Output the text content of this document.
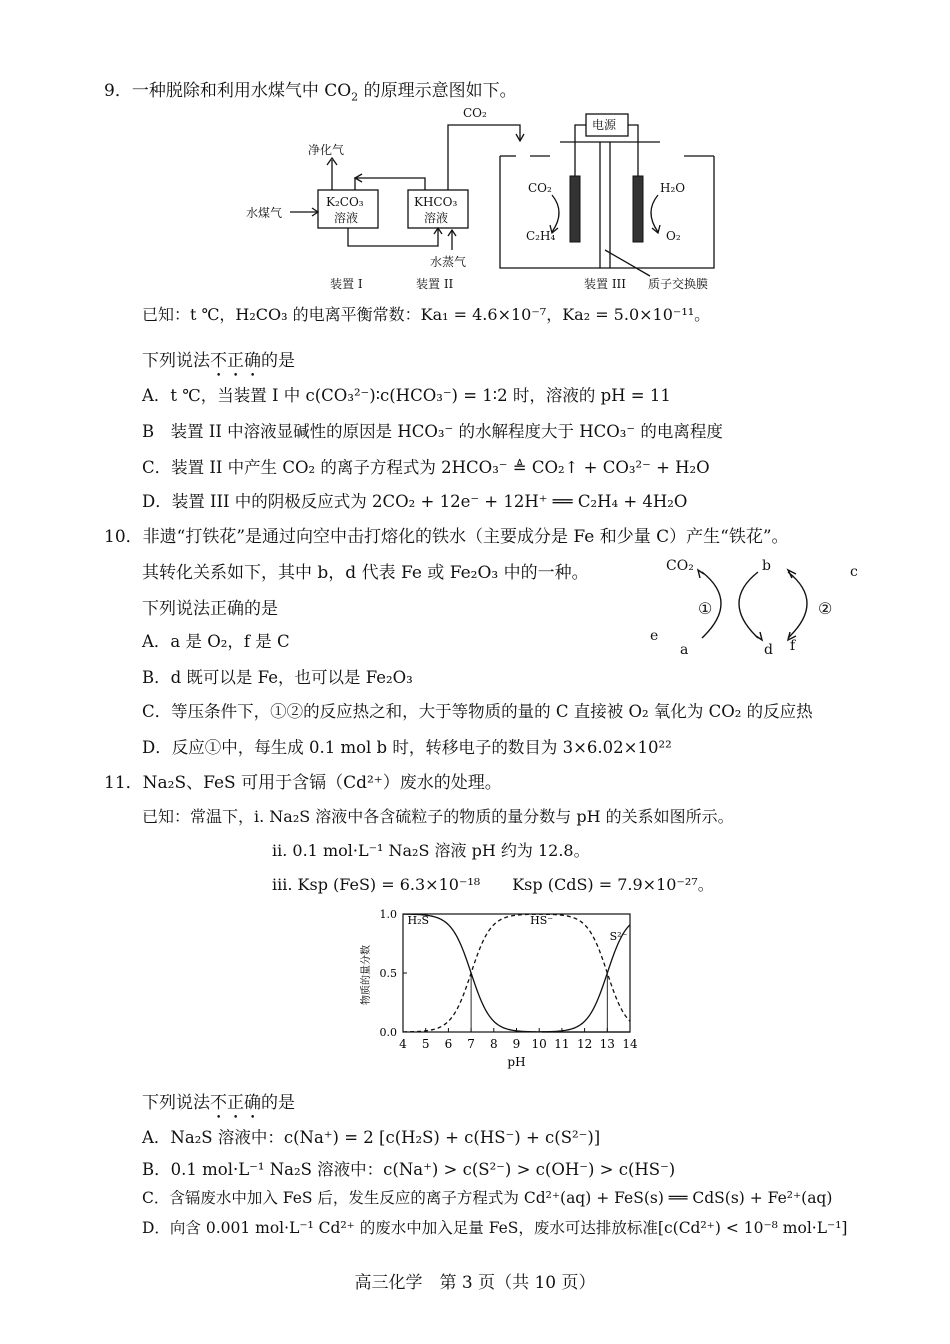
9．一种脱除和利用水煤气中 $CO_2$ 的原理示意图如下。
CO₂
净化气
水煤气
K₂CO₃
溶液
KHCO₃
溶液
水蒸气
电源
CO₂
C₂H₄
H₂O
O₂
装置 I	装置 II	装置 III 质子交换膜
已知：t ℃，H₂CO₃ 的电离平衡常数：Ka₁ = 4.6×10⁻⁷，Ka₂ = 5.0×10⁻¹¹。
下列说法不正确的是
A．t ℃，当装置 I 中 c(CO₃²⁻)∶c(HCO₃⁻) = 1∶2 时，溶液的 pH = 11
B　装置 II 中溶液显碱性的原因是 HCO₃⁻ 的水解程度大于 HCO₃⁻ 的电离程度
C．装置 II 中产生 CO₂ 的离子方程式为 2HCO₃⁻ ≜ CO₂↑ + CO₃²⁻ + H₂O
D．装置 III 中的阴极反应式为 2CO₂ + 12e⁻ + 12H⁺ ══ C₂H₄ + 4H₂O
10．非遗“打铁花”是通过向空中击打熔化的铁水（主要成分是 Fe 和少量 C）产生“铁花”。
其转化关系如下，其中 b，d 代表 Fe 或 Fe₂O₃ 中的一种。
下列说法正确的是
CO₂	b
a	d
c
e
f
①	②
A．a 是 O₂，f 是 C
B．d 既可以是 Fe，也可以是 Fe₂O₃
C．等压条件下，①②的反应热之和，大于等物质的量的 C 直接被 O₂ 氧化为 CO₂ 的反应热
D．反应①中，每生成 0.1 mol b 时，转移电子的数目为 3×6.02×10²²
11．Na₂S、FeS 可用于含镉（Cd²⁺）废水的处理。
已知：常温下，i. Na₂S 溶液中各含硫粒子的物质的量分数与 pH 的关系如图所示。
ii. 0.1 mol·L⁻¹ Na₂S 溶液 pH 约为 12.8。
iii. Ksp (FeS) = 6.3×10⁻¹⁸　　Ksp (CdS) = 7.9×10⁻²⁷。
4 5 6 7 8 9 10 11 12 13 14
0.0
0.5
1.0
pH
物质的量分数
H₂S	HS⁻
S²⁻
下列说法不正确的是
A．Na₂S 溶液中：c(Na⁺) = 2 [c(H₂S) + c(HS⁻) + c(S²⁻)]
B．0.1 mol·L⁻¹ Na₂S 溶液中：c(Na⁺) > c(S²⁻) > c(OH⁻) > c(HS⁻)
C．含镉废水中加入 FeS 后，发生反应的离子方程式为 Cd²⁺(aq) + FeS(s) ══ CdS(s) + Fe²⁺(aq)
D．向含 0.001 mol·L⁻¹ Cd²⁺ 的废水中加入足量 FeS，废水可达排放标准[c(Cd²⁺) < 10⁻⁸ mol·L⁻¹]
高三化学　第 3 页（共 10 页）
